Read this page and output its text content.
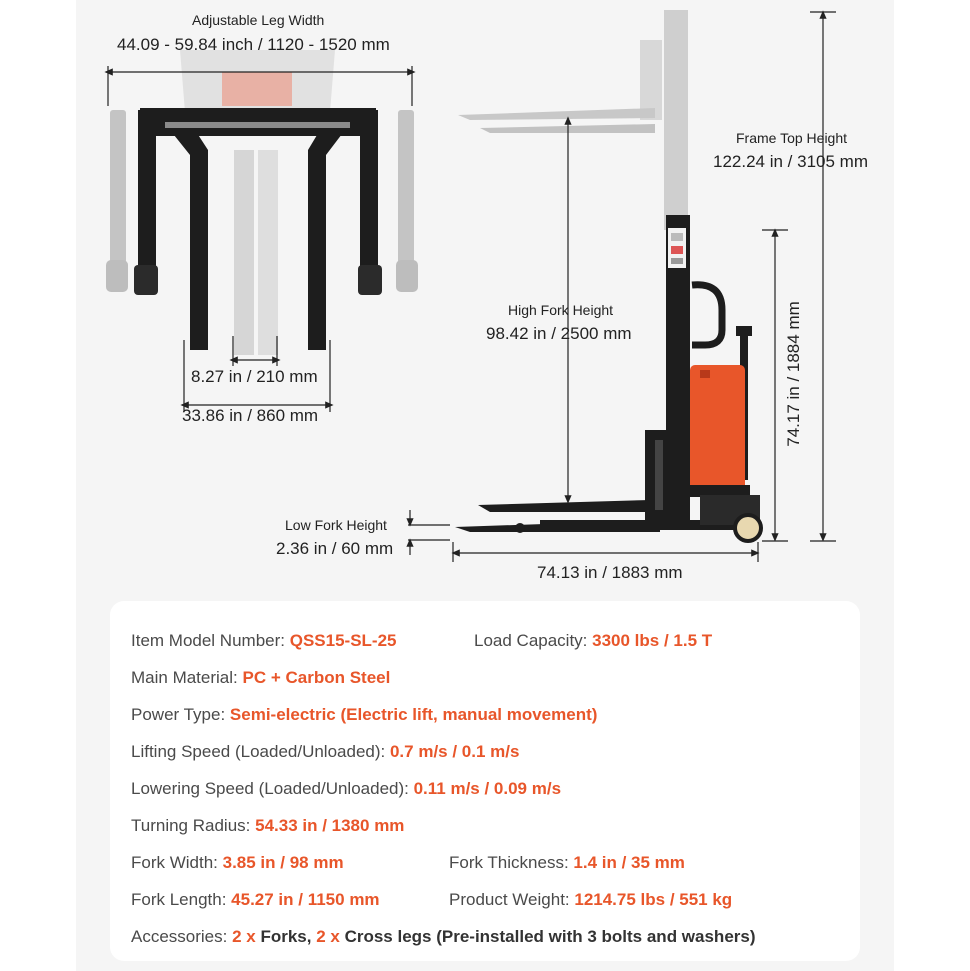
Adjustable Leg Width
44.09 - 59.84 inch / 1120 - 1520 mm
8.27 in / 210 mm
33.86 in / 860 mm
Frame Top Height
122.24 in / 3105 mm
High Fork Height
98.42 in / 2500 mm	74.17 in / 1884 mm
Low Fork Height
2.36 in / 60 mm
74.13 in / 1883 mm
Item Model Number: QSS15-SL-25	Load Capacity: 3300 lbs / 1.5 T
Main Material: PC + Carbon Steel
Power Type: Semi-electric (Electric lift, manual movement)
Lifting Speed (Loaded/Unloaded): 0.7 m/s / 0.1 m/s
Lowering Speed (Loaded/Unloaded): 0.11 m/s / 0.09 m/s
Turning Radius: 54.33 in / 1380 mm
Fork Width: 3.85 in / 98 mm	Fork Thickness: 1.4 in / 35 mm
Fork Length: 45.27 in / 1150 mm	Product Weight: 1214.75 lbs / 551 kg
Accessories: 2 x Forks, 2 x Cross legs (Pre-installed with 3 bolts and washers)
